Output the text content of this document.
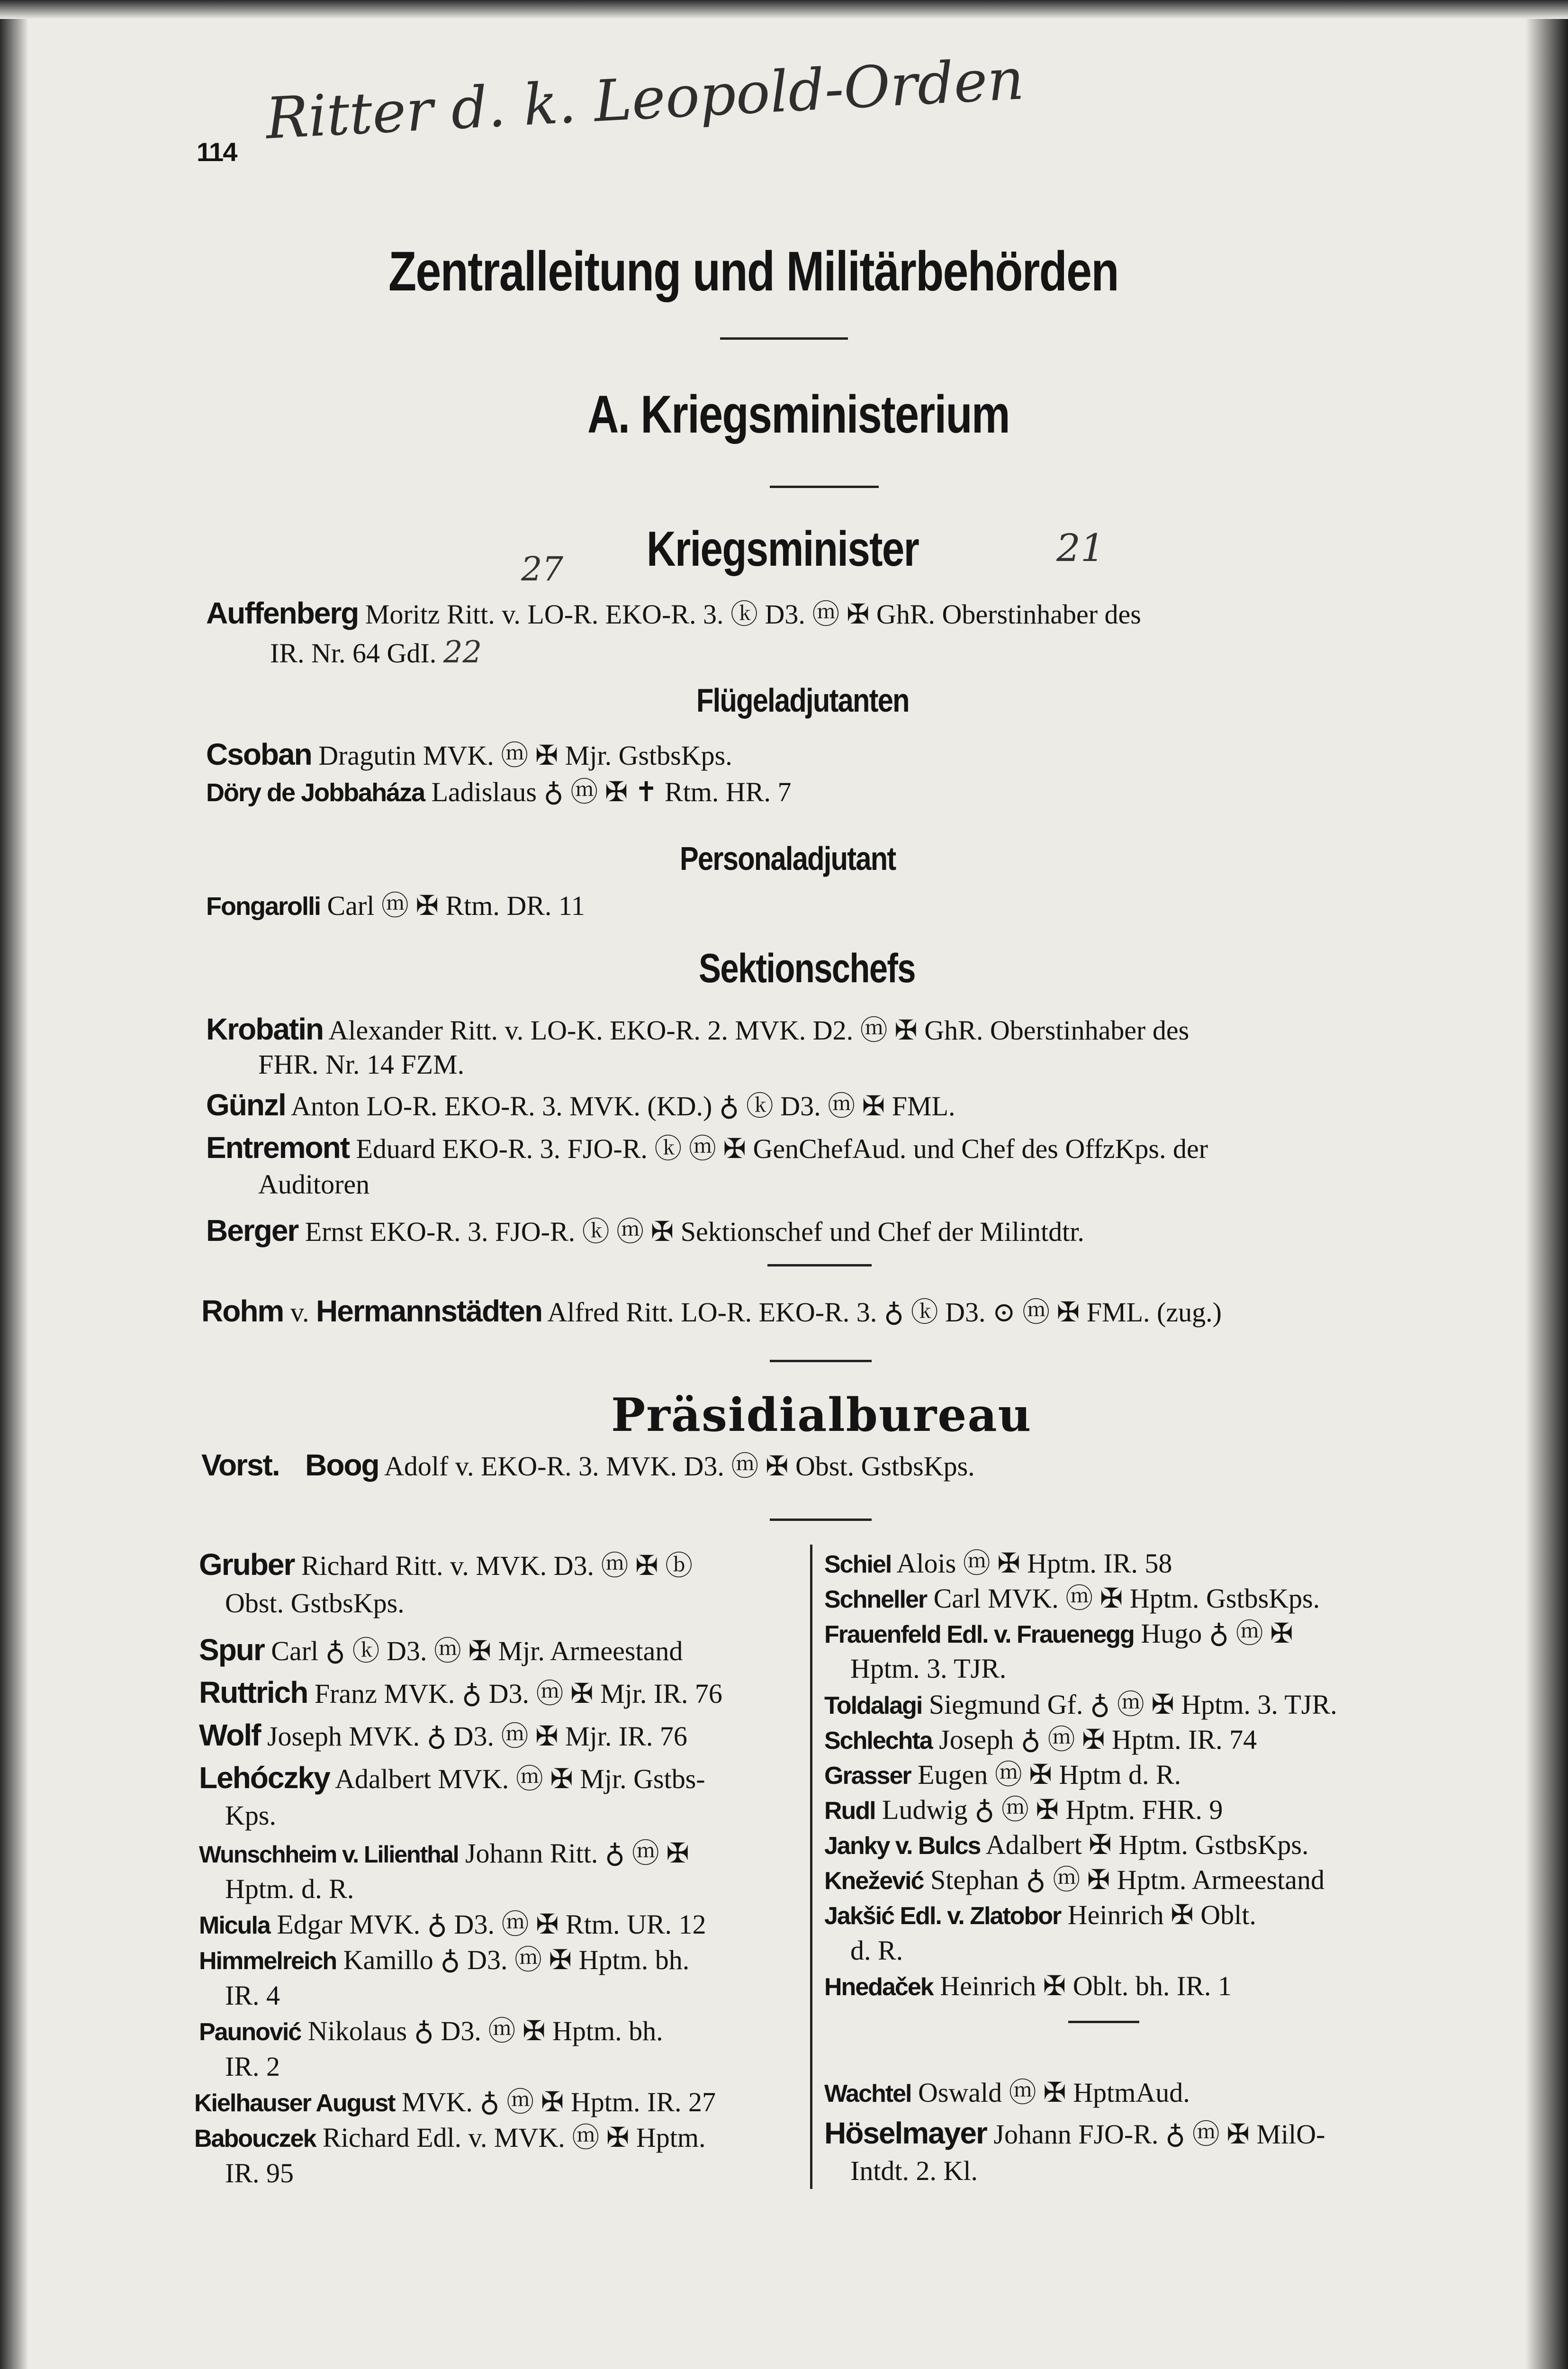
114 Ritter d. k. Leopold-Orden
Zentralleitung und Militärbehörden
A. Kriegsministerium
Kriegsminister
27	21
Auffenberg Moritz Ritt. v. LO-R. EKO-R. 3. ⓚ D3. ⓜ ✠ GhR. Oberstinhaber des
IR. Nr. 64 GdI. 22
Flügeladjutanten
Csoban Dragutin MVK. ⓜ ✠ Mjr. GstbsKps.
Döry de Jobbaháza Ladislaus ♁ ⓜ ✠ ✝ Rtm. HR. 7
Personaladjutant
Fongarolli Carl ⓜ ✠ Rtm. DR. 11
Sektionschefs
Krobatin Alexander Ritt. v. LO-K. EKO-R. 2. MVK. D2. ⓜ ✠ GhR. Oberstinhaber des
FHR. Nr. 14 FZM.
Günzl Anton LO-R. EKO-R. 3. MVK. (KD.) ♁ ⓚ D3. ⓜ ✠ FML.
Entremont Eduard EKO-R. 3. FJO-R. ⓚ ⓜ ✠ GenChefAud. und Chef des OffzKps. der
Auditoren
Berger Ernst EKO-R. 3. FJO-R. ⓚ ⓜ ✠ Sektionschef und Chef der Milintdtr.
Rohm v. Hermannstädten Alfred Ritt. LO-R. EKO-R. 3. ♁ ⓚ D3. ⊙ ⓜ ✠ FML. (zug.)
Präsidialbureau
Vorst. Boog Adolf v. EKO-R. 3. MVK. D3. ⓜ ✠ Obst. GstbsKps.
Gruber Richard Ritt. v. MVK. D3. ⓜ ✠ ⓑ
Obst. GstbsKps.
Spur Carl ♁ ⓚ D3. ⓜ ✠ Mjr. Armeestand
Ruttrich Franz MVK. ♁ D3. ⓜ ✠ Mjr. IR. 76
Wolf Joseph MVK. ♁ D3. ⓜ ✠ Mjr. IR. 76
Lehóczky Adalbert MVK. ⓜ ✠ Mjr. Gstbs-
Kps.
Wunschheim v. Lilienthal Johann Ritt. ♁ ⓜ ✠
Hptm. d. R.
Micula Edgar MVK. ♁ D3. ⓜ ✠ Rtm. UR. 12
Himmelreich Kamillo ♁ D3. ⓜ ✠ Hptm. bh.
IR. 4
Paunović Nikolaus ♁ D3. ⓜ ✠ Hptm. bh.
IR. 2
Kielhauser August MVK. ♁ ⓜ ✠ Hptm. IR. 27
Babouczek Richard Edl. v. MVK. ⓜ ✠ Hptm.
IR. 95
Schiel Alois ⓜ ✠ Hptm. IR. 58
Schneller Carl MVK. ⓜ ✠ Hptm. GstbsKps.
Frauenfeld Edl. v. Frauenegg Hugo ♁ ⓜ ✠
Hptm. 3. TJR.
Toldalagi Siegmund Gf. ♁ ⓜ ✠ Hptm. 3. TJR.
Schlechta Joseph ♁ ⓜ ✠ Hptm. IR. 74
Grasser Eugen ⓜ ✠ Hptm d. R.
Rudl Ludwig ♁ ⓜ ✠ Hptm. FHR. 9
Janky v. Bulcs Adalbert ✠ Hptm. GstbsKps.
Knežević Stephan ♁ ⓜ ✠ Hptm. Armeestand
Jakšić Edl. v. Zlatobor Heinrich ✠ Oblt.
d. R.
Hnedaček Heinrich ✠ Oblt. bh. IR. 1
Wachtel Oswald ⓜ ✠ HptmAud.
Höselmayer Johann FJO-R. ♁ ⓜ ✠ MilO-
Intdt. 2. Kl.
